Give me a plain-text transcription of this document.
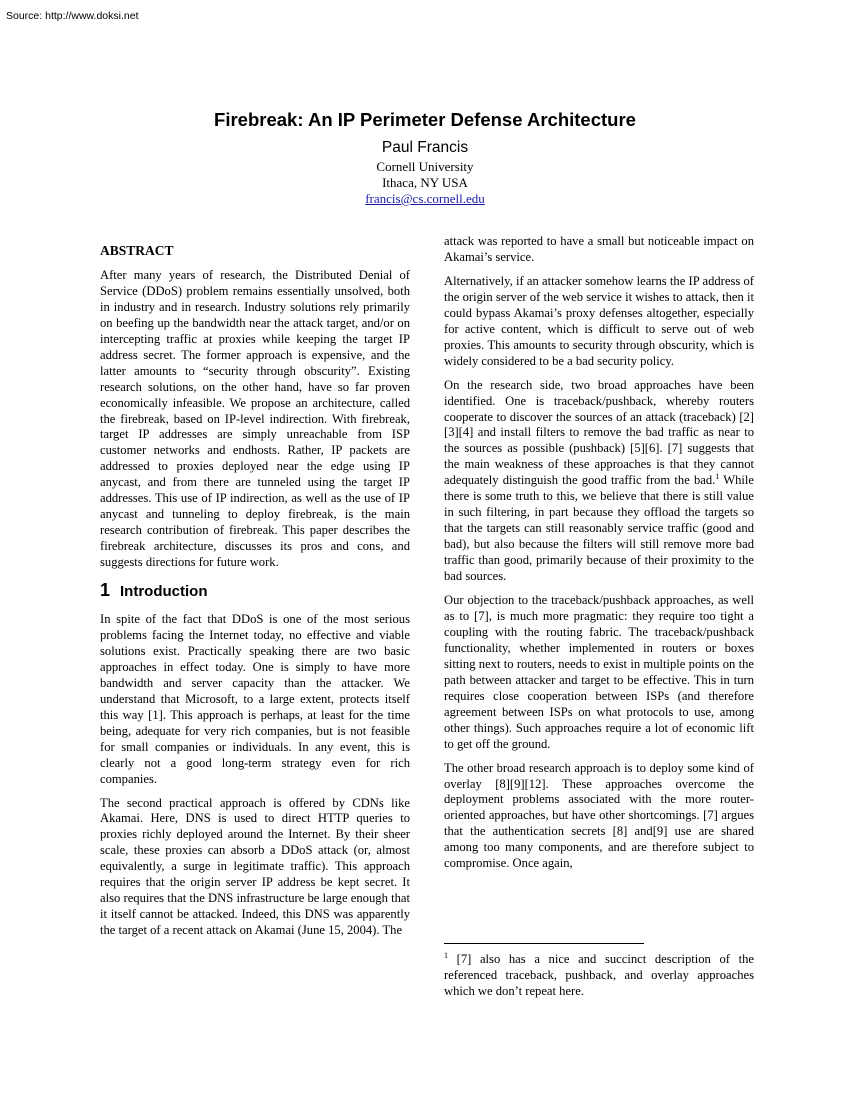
Source: http://www.doksi.net
Firebreak: An IP Perimeter Defense Architecture
Paul Francis
Cornell University
Ithaca, NY USA
francis@cs.cornell.edu
ABSTRACT

After many years of research, the Distributed Denial of Service (DDoS) problem remains essentially unsolved, both in industry and in research. Industry solutions rely primarily on beefing up the bandwidth near the attack target, and/or on intercepting traffic at proxies while keeping the target IP address secret. The former approach is expensive, and the latter amounts to “security through obscurity”. Existing research solutions, on the other hand, have so far proven economically infeasible. We propose an architecture, called the firebreak, based on IP-level indirection. With firebreak, target IP addresses are simply unreachable from ISP customer networks and endhosts. Rather, IP packets are addressed to proxies deployed near the edge using IP anycast, and from there are tunneled using the target IP addresses. This use of IP indirection, as well as the use of IP anycast and tunneling to deploy firebreak, is the main research contribution of firebreak. This paper describes the firebreak architecture, discusses its pros and cons, and suggests directions for future work.

1 Introduction

In spite of the fact that DDoS is one of the most serious problems facing the Internet today, no effective and viable solutions exist. Practically speaking there are two basic approaches in effect today. One is simply to have more bandwidth and server capacity than the attacker. We understand that Microsoft, to a large extent, protects itself this way [1]. This approach is perhaps, at least for the time being, adequate for very rich companies, but is not feasible for small companies or individuals. In any event, this is clearly not a good long-term strategy even for rich companies.

The second practical approach is offered by CDNs like Akamai. Here, DNS is used to direct HTTP queries to proxies richly deployed around the Internet. By their sheer scale, these proxies can absorb a DDoS attack (or, almost equivalently, a surge in legitimate traffic). This approach requires that the origin server IP address be kept secret. It also requires that the DNS infrastructure be large enough that it itself cannot be attacked. Indeed, this DNS was apparently the target of a recent attack on Akamai (June 15, 2004). The

attack was reported to have a small but noticeable impact on Akamai’s service.

Alternatively, if an attacker somehow learns the IP address of the origin server of the web service it wishes to attack, then it could bypass Akamai’s proxy defenses altogether, especially for active content, which is difficult to serve out of web proxies. This amounts to security through obscurity, which is widely considered to be a bad security policy.

On the research side, two broad approaches have been identified. One is traceback/pushback, whereby routers cooperate to discover the sources of an attack (traceback) [2][3][4] and install filters to remove the bad traffic as near to the sources as possible (pushback) [5][6]. [7] suggests that the main weakness of these approaches is that they cannot adequately distinguish the good traffic from the bad.$^1$ While there is some truth to this, we believe that there is still value in such filtering, in part because they offload the targets so that the targets can still reasonably service traffic (good and bad), but also because the filters will still remove more bad traffic than good, primarily because of their proximity to the bad sources.

Our objection to the traceback/pushback approaches, as well as to [7], is much more pragmatic: they require too tight a coupling with the routing fabric. The traceback/pushback functionality, whether implemented in routers or boxes sitting next to routers, needs to exist in multiple points on the path between attacker and target to be effective. This in turn requires close cooperation between ISPs (and therefore agreement between ISPs on what protocols to use, among other things). Such approaches require a lot of economic lift to get off the ground.

The other broad research approach is to deploy some kind of overlay [8][9][12]. These approaches overcome the deployment problems associated with the more router-oriented approaches, but have other shortcomings. [7] argues that the authentication secrets [8] and[9] use are shared among too many components, and are therefore subject to compromise. Once again,

$^1$ [7] also has a nice and succinct description of the referenced traceback, pushback, and overlay approaches which we don’t repeat here.
